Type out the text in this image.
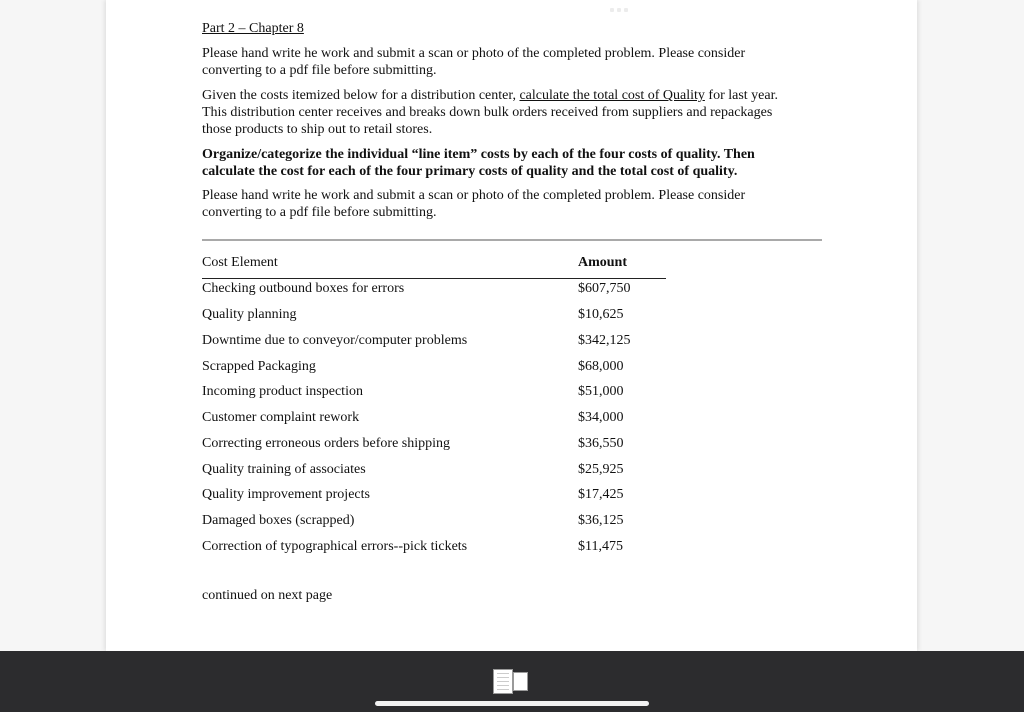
Part 2 – Chapter 8
Please hand write he work and submit a scan or photo of the completed problem. Please consider
converting to a pdf file before submitting.
Given the costs itemized below for a distribution center, calculate the total cost of Quality for last year.
This distribution center receives and breaks down bulk orders received from suppliers and repackages
those products to ship out to retail stores.
Organize/categorize the individual “line item” costs by each of the four costs of quality. Then
calculate the cost for each of the four primary costs of quality and the total cost of quality.
Please hand write he work and submit a scan or photo of the completed problem. Please consider
converting to a pdf file before submitting.
Cost Element	Amount
Checking outbound boxes for errors	$607,750
Quality planning	$10,625
Downtime due to conveyor/computer problems	$342,125
Scrapped Packaging	$68,000
Incoming product inspection	$51,000
Customer complaint rework	$34,000
Correcting erroneous orders before shipping	$36,550
Quality training of associates	$25,925
Quality improvement projects	$17,425
Damaged boxes (scrapped)	$36,125
Correction of typographical errors--pick tickets	$11,475
continued on next page
